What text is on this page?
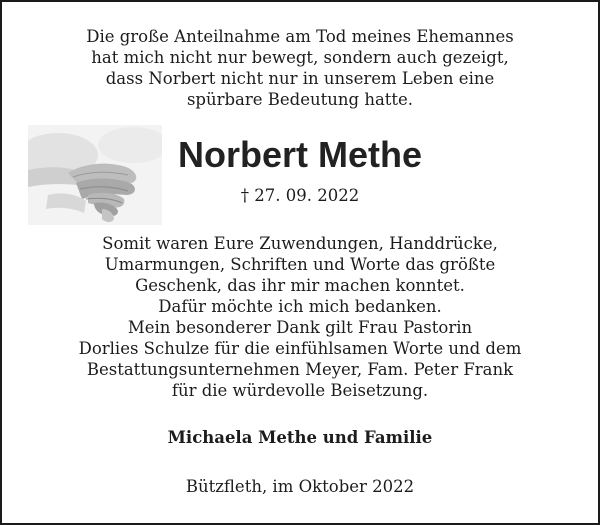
Die große Anteilnahme am Tod meines Ehemannes
hat mich nicht nur bewegt, sondern auch gezeigt,
dass Norbert nicht nur in unserem Leben eine
spürbare Bedeutung hatte.
Norbert Methe
† 27. 09. 2022
Somit waren Eure Zuwendungen, Handdrücke,
Umarmungen, Schriften und Worte das größte
Geschenk, das ihr mir machen konntet.
Dafür möchte ich mich bedanken.
Mein besonderer Dank gilt Frau Pastorin
Dorlies Schulze für die einfühlsamen Worte und dem
Bestattungsunternehmen Meyer, Fam. Peter Frank
für die würdevolle Beisetzung.
Michaela Methe und Familie
Bützfleth, im Oktober 2022
